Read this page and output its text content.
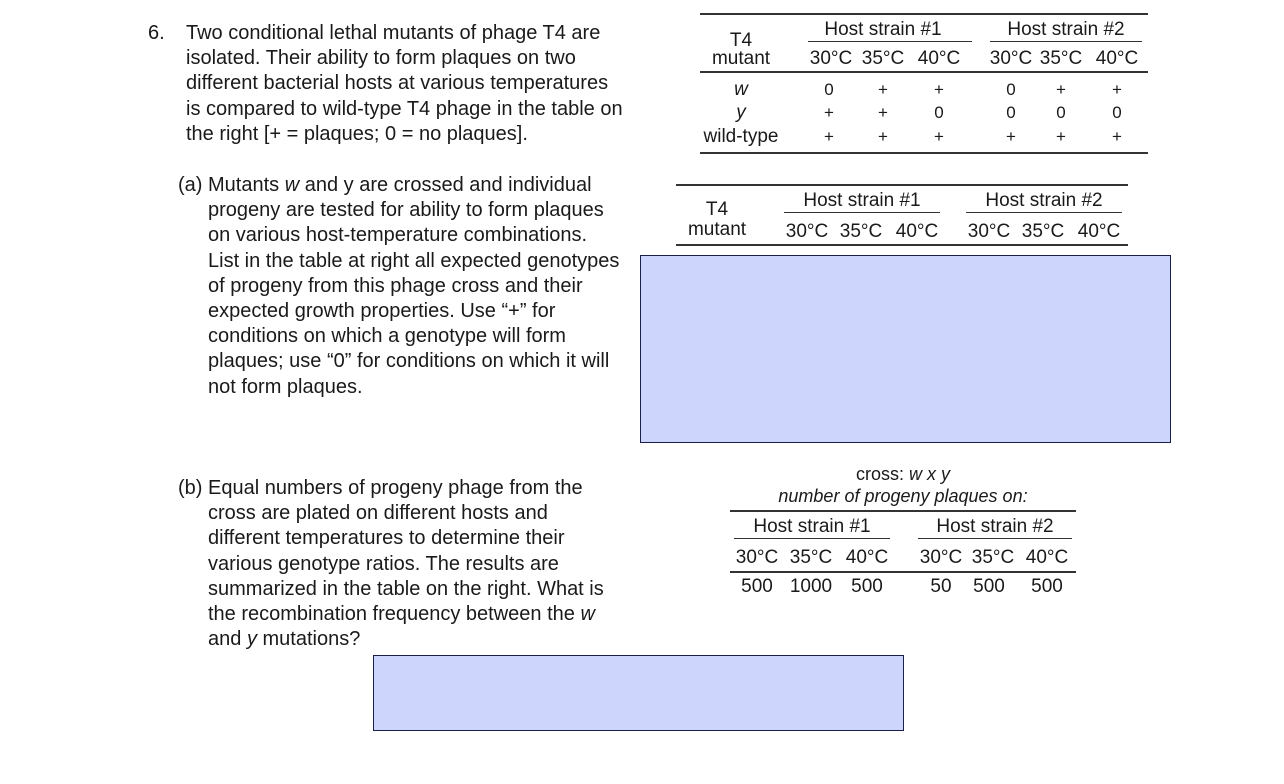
6. Two conditional lethal mutants of phage T4 are
isolated. Their ability to form plaques on two
different bacterial hosts at various temperatures
is compared to wild-type T4 phage in the table on
the right [+ = plaques; 0 = no plaques].
T4
mutant
Host strain #1	Host strain #2
30°C 35°C 40°C 30°C 35°C 40°C
w	0	+	+	0	+	+
y	+	+	0	0	0	0
wild-type	+	+	+	+	+	+
(a) Mutants w and y are crossed and individual
progeny are tested for ability to form plaques
on various host-temperature combinations.
List in the table at right all expected genotypes
of progeny from this phage cross and their
expected growth properties. Use “+” for
conditions on which a genotype will form
plaques; use “0” for conditions on which it will
not form plaques.
T4
mutant
Host strain #1	Host strain #2
30°C 35°C 40°C 30°C 35°C 40°C
(b) Equal numbers of progeny phage from the
cross are plated on different hosts and
different temperatures to determine their
various genotype ratios. The results are
summarized in the table on the right. What is
the recombination frequency between the w
and y mutations?
cross: w x y
number of progeny plaques on:
Host strain #1	Host strain #2
30°C 35°C 40°C 30°C 35°C 40°C
500 1000	500	50	500	500
